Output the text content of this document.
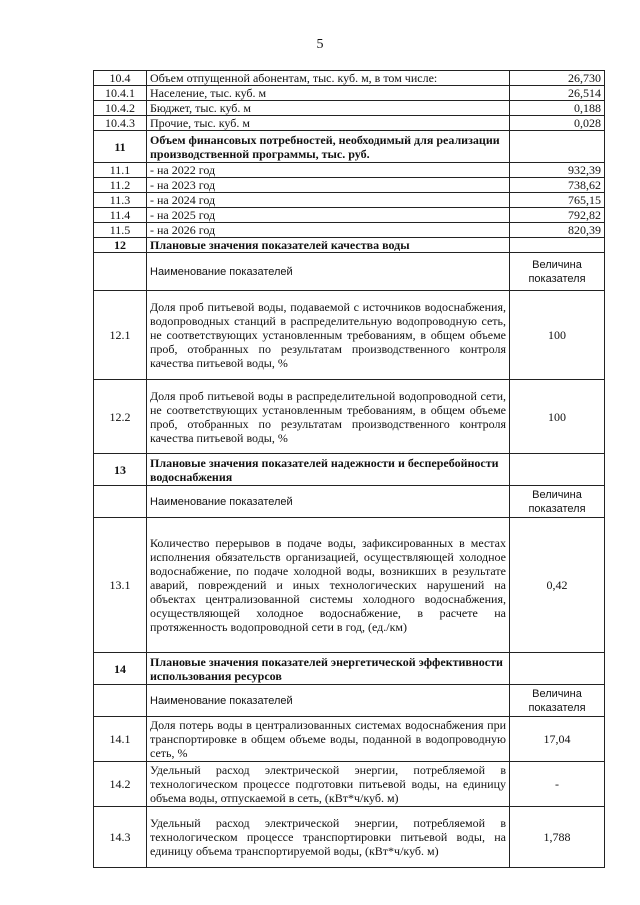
5
10.4	Объем отпущенной абонентам, тыс. куб. м, в том числе:	26,730
10.4.1	Население, тыс. куб. м	26,514
10.4.2	Бюджет, тыс. куб. м	0,188
10.4.3	Прочие, тыс. куб. м	0,028
11	Объем финансовых потребностей, необходимый для реализации производственной программы, тыс. руб.	
11.1	- на 2022 год	932,39
11.2	- на 2023 год	738,62
11.3	- на 2024 год	765,15
11.4	- на 2025 год	792,82
11.5	- на 2026 год	820,39
12	Плановые значения показателей качества воды	
	Наименование показателей	Величина показателя
12.1	Доля проб питьевой воды, подаваемой с источников водоснабжения, водопроводных станций в распределительную водопроводную сеть, не соответствующих установленным требованиям, в общем объеме проб, отобранных по результатам производственного контроля качества питьевой воды, %	100
12.2	Доля проб питьевой воды в распределительной водопроводной сети, не соответствующих установленным требованиям, в общем объеме проб, отобранных по результатам производственного контроля качества питьевой воды, %	100
13	Плановые значения показателей надежности и бесперебойности водоснабжения	
	Наименование показателей	Величина показателя
13.1	Количество перерывов в подаче воды, зафиксированных в местах исполнения обязательств организацией, осуществляющей холодное водоснабжение, по подаче холодной воды, возникших в результате аварий, повреждений и иных технологических нарушений на объектах централизованной системы холодного водоснабжения, осуществляющей холодное водоснабжение, в расчете на протяженность водопроводной сети в год, (ед./км)	0,42
14	Плановые значения показателей энергетической эффективности использования ресурсов	
	Наименование показателей	Величина показателя
14.1	Доля потерь воды в централизованных системах водоснабжения при транспортировке в общем объеме воды, поданной в водопроводную сеть, %	17,04
14.2	Удельный расход электрической энергии, потребляемой в технологическом процессе подготовки питьевой воды, на единицу объема воды, отпускаемой в сеть, (кВт*ч/куб. м)	-
14.3	Удельный расход электрической энергии, потребляемой в технологическом процессе транспортировки питьевой воды, на единицу объема транспортируемой воды, (кВт*ч/куб. м)	1,788
